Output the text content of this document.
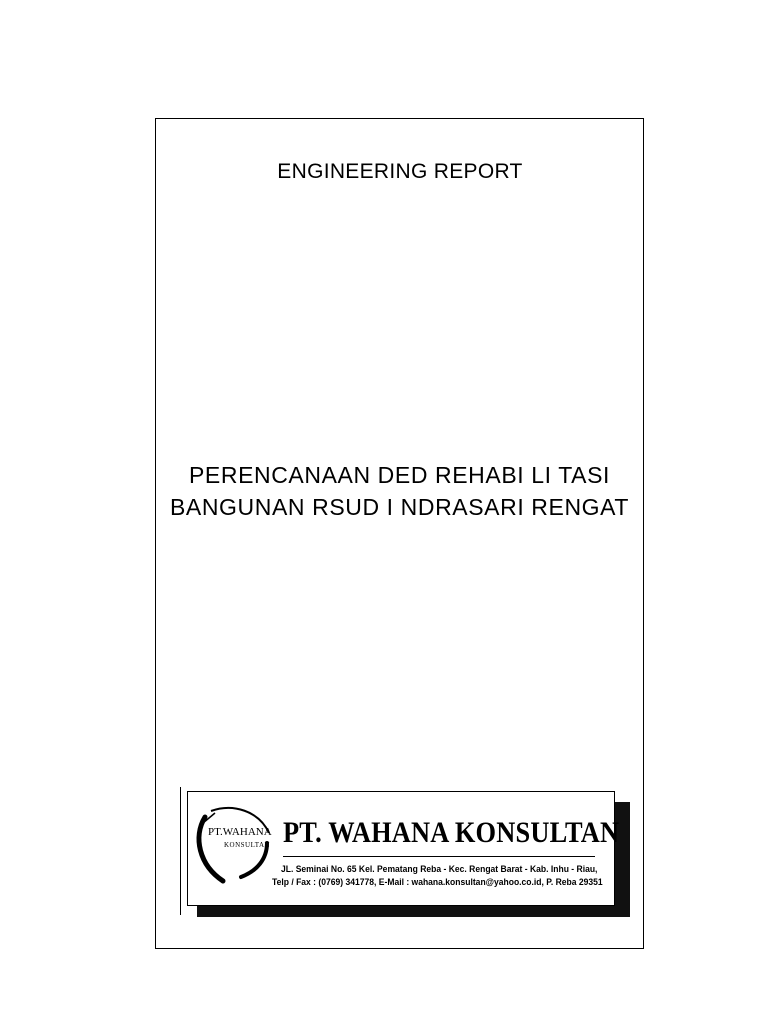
ENGINEERING REPORT
PERENCANAAN DED REHABI LI TASI
BANGUNAN RSUD I NDRASARI RENGAT
PT.WAHANA
KONSULTAN PT. WAHANA KONSULTAN
JL. Seminai No. 65 Kel. Pematang Reba - Kec. Rengat Barat - Kab. Inhu - Riau,
Telp / Fax : (0769) 341778, E-Mail : wahana.konsultan@yahoo.co.id, P. Reba 29351
